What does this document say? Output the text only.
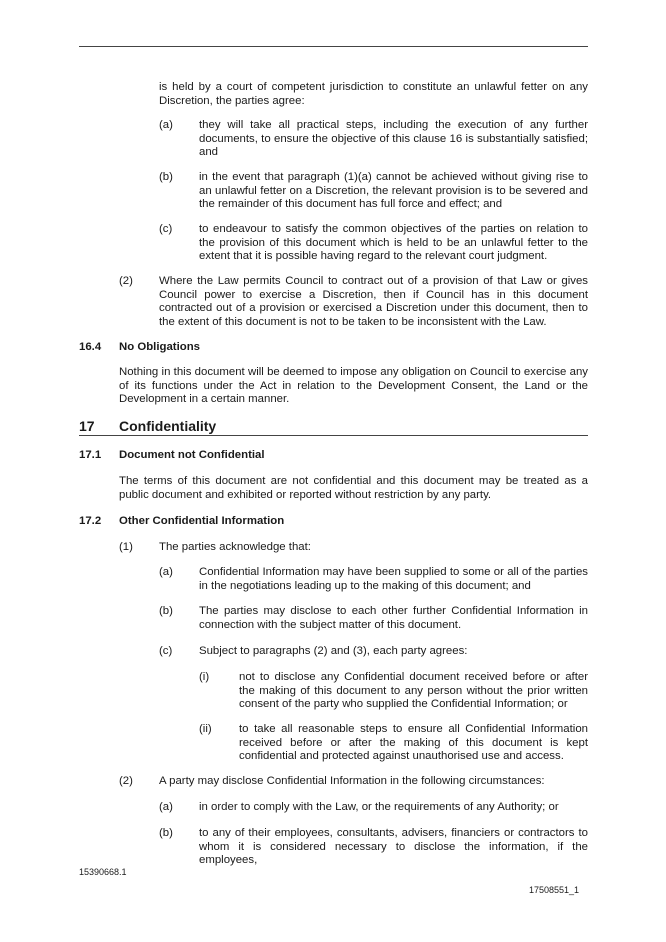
is held by a court of competent jurisdiction to constitute an unlawful fetter on any Discretion, the parties agree:

(a) they will take all practical steps, including the execution of any further documents, to ensure the objective of this clause 16 is substantially satisfied; and

(b) in the event that paragraph (1)(a) cannot be achieved without giving rise to an unlawful fetter on a Discretion, the relevant provision is to be severed and the remainder of this document has full force and effect; and

(c) to endeavour to satisfy the common objectives of the parties on relation to the provision of this document which is held to be an unlawful fetter to the extent that it is possible having regard to the relevant court judgment.

(2) Where the Law permits Council to contract out of a provision of that Law or gives Council power to exercise a Discretion, then if Council has in this document contracted out of a provision or exercised a Discretion under this document, then to the extent of this document is not to be taken to be inconsistent with the Law.

16.4 No Obligations

Nothing in this document will be deemed to impose any obligation on Council to exercise any of its functions under the Act in relation to the Development Consent, the Land or the Development in a certain manner.

17 Confidentiality
17.1 Document not Confidential

The terms of this document are not confidential and this document may be treated as a public document and exhibited or reported without restriction by any party.

17.2 Other Confidential Information
(1) The parties acknowledge that:

(a) Confidential Information may have been supplied to some or all of the parties in the negotiations leading up to the making of this document; and

(b) The parties may disclose to each other further Confidential Information in connection with the subject matter of this document.

(c) Subject to paragraphs (2) and (3), each party agrees:

(i)	not to disclose any Confidential document received before or after the making of this document to any person without the prior written consent of the party who supplied the Confidential Information; or

(ii) to take all reasonable steps to ensure all Confidential Information received before or after the making of this document is kept confidential and protected against unauthorised use and access.

(2) A party may disclose Confidential Information in the following circumstances:

(a) in order to comply with the Law, or the requirements of any Authority; or

(b) to any of their employees, consultants, advisers, financiers or contractors to whom it is considered necessary to disclose the information, if the employees,

15390668.1
17508551_1
